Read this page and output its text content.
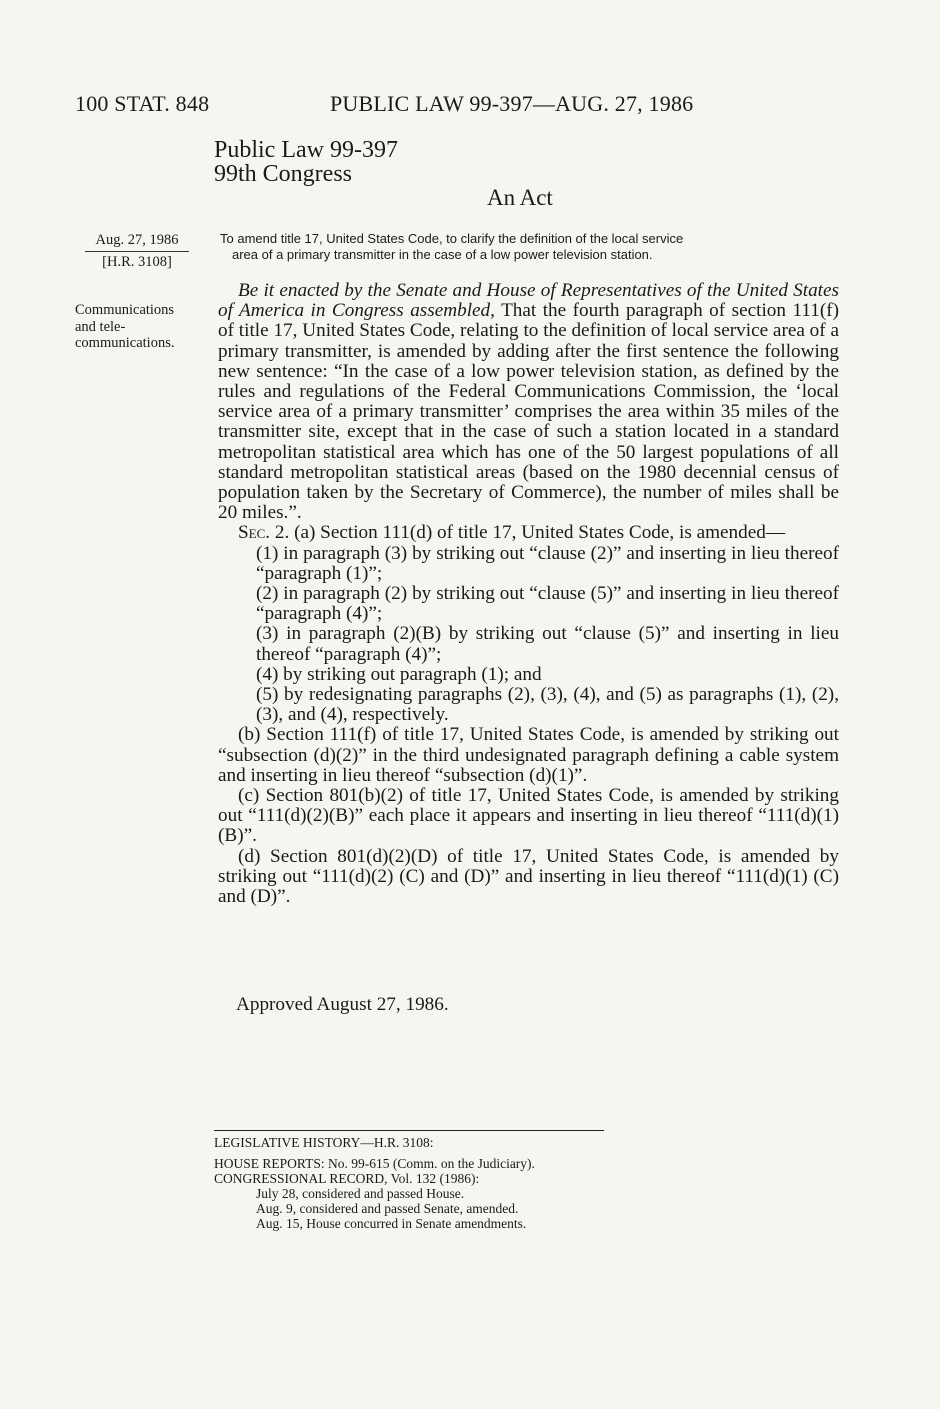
100 STAT. 848	PUBLIC LAW 99-397—AUG. 27, 1986
Public Law 99-397
99th Congress
An Act
Aug. 27, 1986
[H.R. 3108]
To amend title 17, United States Code, to clarify the definition of the local service
area of a primary transmitter in the case of a low power television station.
Communications
and tele-
communications.

Be it enacted by the Senate and House of Representatives of the United States of America in Congress assembled, That the fourth paragraph of section 111(f) of title 17, United States Code, relating to the definition of local service area of a primary transmitter, is amended by adding after the first sentence the following new sentence: “In the case of a low power television station, as defined by the rules and regulations of the Federal Communications Commission, the ‘local service area of a primary transmitter’ comprises the area within 35 miles of the transmitter site, except that in the case of such a station located in a standard metropolitan statistical area which has one of the 50 largest populations of all standard metropolitan statistical areas (based on the 1980 decennial census of population taken by the Secretary of Commerce), the number of miles shall be 20 miles.”.

Sec. 2. (a) Section 111(d) of title 17, United States Code, is amended—

(1) in paragraph (3) by striking out “clause (2)” and inserting in lieu thereof “paragraph (1)”;

(2) in paragraph (2) by striking out “clause (5)” and inserting in lieu thereof “paragraph (4)”;

(3) in paragraph (2)(B) by striking out “clause (5)” and inserting in lieu thereof “paragraph (4)”;

(4) by striking out paragraph (1); and

(5) by redesignating paragraphs (2), (3), (4), and (5) as paragraphs (1), (2), (3), and (4), respectively.

(b) Section 111(f) of title 17, United States Code, is amended by striking out “subsection (d)(2)” in the third undesignated paragraph defining a cable system and inserting in lieu thereof “subsection (d)(1)”.

(c) Section 801(b)(2) of title 17, United States Code, is amended by striking out “111(d)(2)(B)” each place it appears and inserting in lieu thereof “111(d)(1)(B)”.

(d) Section 801(d)(2)(D) of title 17, United States Code, is amended by striking out “111(d)(2) (C) and (D)” and inserting in lieu thereof “111(d)(1) (C) and (D)”.

Approved August 27, 1986.
LEGISLATIVE HISTORY—H.R. 3108:
HOUSE REPORTS: No. 99-615 (Comm. on the Judiciary).
CONGRESSIONAL RECORD, Vol. 132 (1986):
July 28, considered and passed House.
Aug. 9, considered and passed Senate, amended.
Aug. 15, House concurred in Senate amendments.
